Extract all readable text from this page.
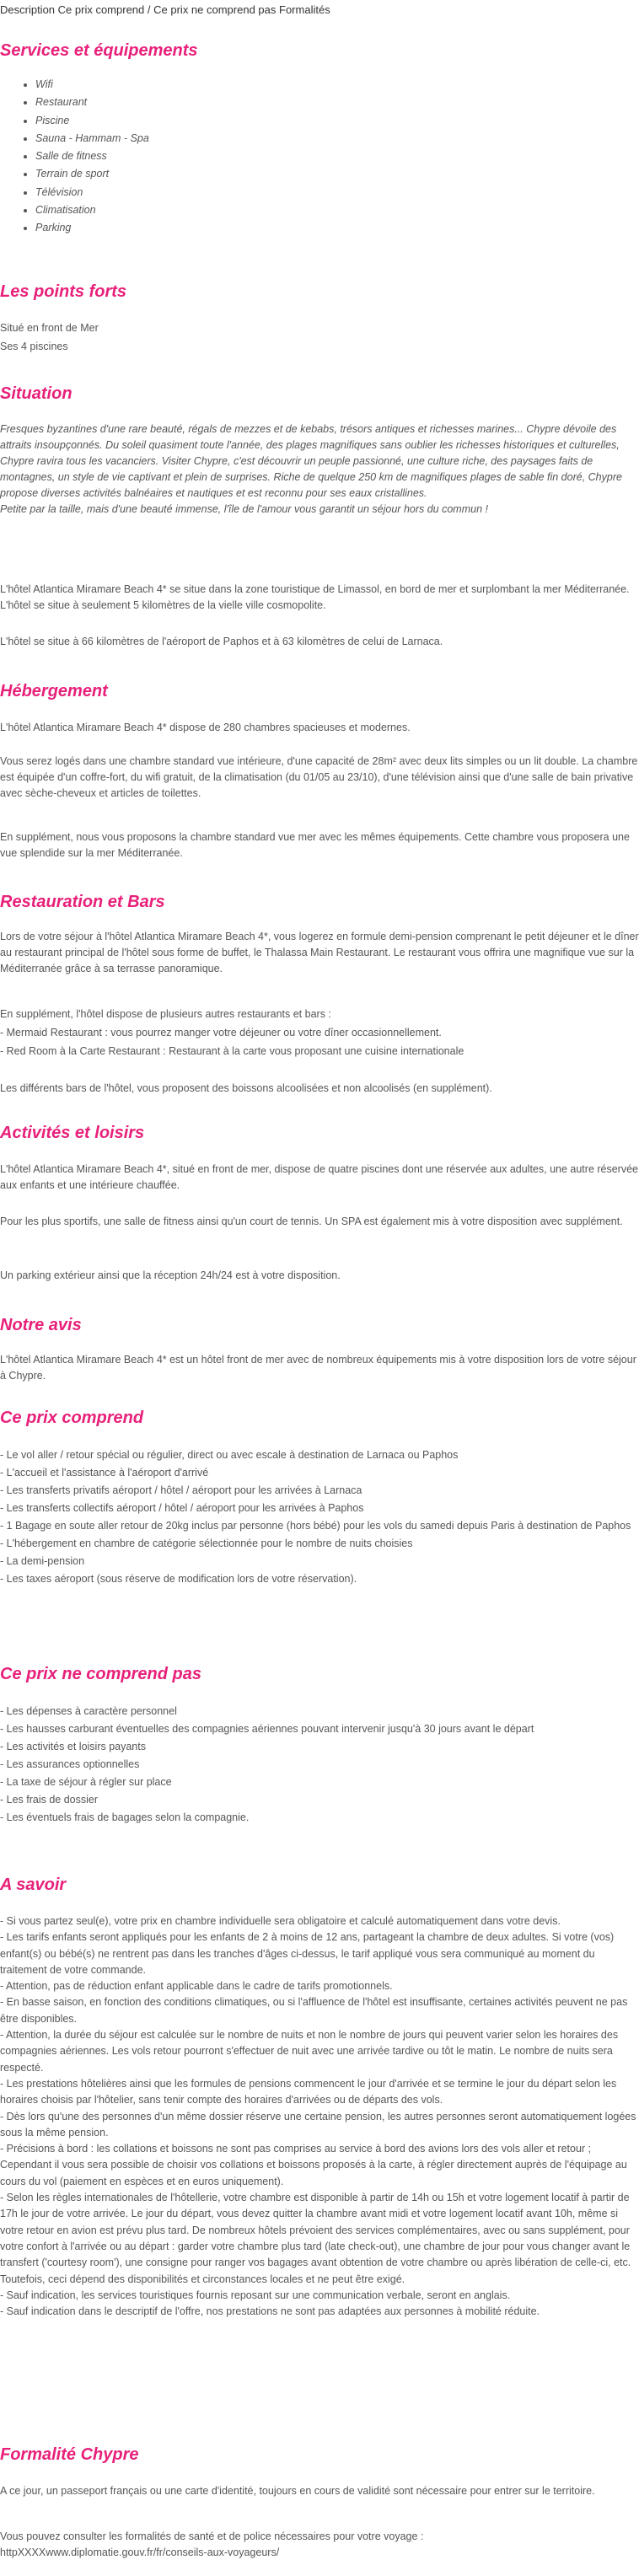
Description Ce prix comprend / Ce prix ne comprend pas Formalités
Services et équipements
• Wifi
• Restaurant
• Piscine
• Sauna - Hammam - Spa
• Salle de fitness
• Terrain de sport
• Télévision
• Climatisation
• Parking
Les points forts

Situé en front de Mer

Ses 4 piscines

Situation

Fresques byzantines d'une rare beauté, régals de mezzes et de kebabs, trésors antiques et richesses marines... Chypre dévoile des attraits insoupçonnés. Du soleil quasiment toute l'année, des plages magnifiques sans oublier les richesses historiques et culturelles, Chypre ravira tous les vacanciers. Visiter Chypre, c'est découvrir un peuple passionné, une culture riche, des paysages faits de montagnes, un style de vie captivant et plein de surprises. Riche de quelque 250 km de magnifiques plages de sable fin doré, Chypre propose diverses activités balnéaires et nautiques et est reconnu pour ses eaux cristallines.

Petite par la taille, mais d'une beauté immense, l'île de l'amour vous garantit un séjour hors du commun !

L'hôtel Atlantica Miramare Beach 4* se situe dans la zone touristique de Limassol, en bord de mer et surplombant la mer Méditerranée. L'hôtel se situe à seulement 5 kilomètres de la vielle ville cosmopolite.

L'hôtel se situe à 66 kilomètres de l'aéroport de Paphos et à 63 kilomètres de celui de Larnaca.

Hébergement

L'hôtel Atlantica Miramare Beach 4* dispose de 280 chambres spacieuses et modernes.

Vous serez logés dans une chambre standard vue intérieure, d'une capacité de 28m² avec deux lits simples ou un lit double. La chambre est équipée d'un coffre-fort, du wifi gratuit, de la climatisation (du 01/05 au 23/10), d'une télévision ainsi que d'une salle de bain privative avec sèche-cheveux et articles de toilettes.

En supplément, nous vous proposons la chambre standard vue mer avec les mêmes équipements. Cette chambre vous proposera une vue splendide sur la mer Méditerranée.

Restauration et Bars

Lors de votre séjour à l'hôtel Atlantica Miramare Beach 4*, vous logerez en formule demi-pension comprenant le petit déjeuner et le dîner au restaurant principal de l'hôtel sous forme de buffet, le Thalassa Main Restaurant. Le restaurant vous offrira une magnifique vue sur la Méditerranée grâce à sa terrasse panoramique.

En supplément, l'hôtel dispose de plusieurs autres restaurants et bars :

- Mermaid Restaurant : vous pourrez manger votre déjeuner ou votre dîner occasionnellement.

- Red Room à la Carte Restaurant : Restaurant à la carte vous proposant une cuisine internationale

Les différents bars de l'hôtel, vous proposent des boissons alcoolisées et non alcoolisés (en supplément).

Activités et loisirs

L'hôtel Atlantica Miramare Beach 4*, situé en front de mer, dispose de quatre piscines dont une réservée aux adultes, une autre réservée aux enfants et une intérieure chauffée.

Pour les plus sportifs, une salle de fitness ainsi qu'un court de tennis. Un SPA est également mis à votre disposition avec supplément.

Un parking extérieur ainsi que la réception 24h/24 est à votre disposition.

Notre avis

L'hôtel Atlantica Miramare Beach 4* est un hôtel front de mer avec de nombreux équipements mis à votre disposition lors de votre séjour à Chypre.

Ce prix comprend

- Le vol aller / retour spécial ou régulier, direct ou avec escale à destination de Larnaca ou Paphos

- L'accueil et l'assistance à l'aéroport d'arrivé

- Les transferts privatifs aéroport / hôtel / aéroport pour les arrivées à Larnaca

- Les transferts collectifs aéroport / hôtel / aéroport pour les arrivées à Paphos

- 1 Bagage en soute aller retour de 20kg inclus par personne (hors bébé) pour les vols du samedi depuis Paris à destination de Paphos

- L'hébergement en chambre de catégorie sélectionnée pour le nombre de nuits choisies

- La demi-pension

- Les taxes aéroport (sous réserve de modification lors de votre réservation).

Ce prix ne comprend pas

- Les dépenses à caractère personnel

- Les hausses carburant éventuelles des compagnies aériennes pouvant intervenir jusqu'à 30 jours avant le départ

- Les activités et loisirs payants

- Les assurances optionnelles

- La taxe de séjour à régler sur place

- Les frais de dossier

- Les éventuels frais de bagages selon la compagnie.

A savoir

- Si vous partez seul(e), votre prix en chambre individuelle sera obligatoire et calculé automatiquement dans votre devis.

- Les tarifs enfants seront appliqués pour les enfants de 2 à moins de 12 ans, partageant la chambre de deux adultes. Si votre (vos) enfant(s) ou bébé(s) ne rentrent pas dans les tranches d'âges ci-dessus, le tarif appliqué vous sera communiqué au moment du traitement de votre commande.

- Attention, pas de réduction enfant applicable dans le cadre de tarifs promotionnels.

- En basse saison, en fonction des conditions climatiques, ou si l'affluence de l'hôtel est insuffisante, certaines activités peuvent ne pas être disponibles.

- Attention, la durée du séjour est calculée sur le nombre de nuits et non le nombre de jours qui peuvent varier selon les horaires des compagnies aériennes. Les vols retour pourront s'effectuer de nuit avec une arrivée tardive ou tôt le matin. Le nombre de nuits sera respecté.

- Les prestations hôtelières ainsi que les formules de pensions commencent le jour d'arrivée et se termine le jour du départ selon les horaires choisis par l'hôtelier, sans tenir compte des horaires d'arrivées ou de départs des vols.

- Dès lors qu'une des personnes d'un même dossier réserve une certaine pension, les autres personnes seront automatiquement logées sous la même pension.

- Précisions à bord : les collations et boissons ne sont pas comprises au service à bord des avions lors des vols aller et retour ; Cependant il vous sera possible de choisir vos collations et boissons proposés à la carte, à régler directement auprès de l'équipage au cours du vol (paiement en espèces et en euros uniquement).

- Selon les règles internationales de l'hôtellerie, votre chambre est disponible à partir de 14h ou 15h et votre logement locatif à partir de 17h le jour de votre arrivée. Le jour du départ, vous devez quitter la chambre avant midi et votre logement locatif avant 10h, même si votre retour en avion est prévu plus tard. De nombreux hôtels prévoient des services complémentaires, avec ou sans supplément, pour votre confort à l'arrivée ou au départ : garder votre chambre plus tard (late check-out), une chambre de jour pour vous changer avant le transfert ('courtesy room'), une consigne pour ranger vos bagages avant obtention de votre chambre ou après libération de celle-ci, etc. Toutefois, ceci dépend des disponibilités et circonstances locales et ne peut être exigé.

- Sauf indication, les services touristiques fournis reposant sur une communication verbale, seront en anglais.

- Sauf indication dans le descriptif de l'offre, nos prestations ne sont pas adaptées aux personnes à mobilité réduite.

Formalité Chypre

A ce jour, un passeport français ou une carte d'identité, toujours en cours de validité sont nécessaire pour entrer sur le territoire.

Vous pouvez consulter les formalités de santé et de police nécessaires pour votre voyage :

httpXXXXwww.diplomatie.gouv.fr/fr/conseils-aux-voyageurs/
